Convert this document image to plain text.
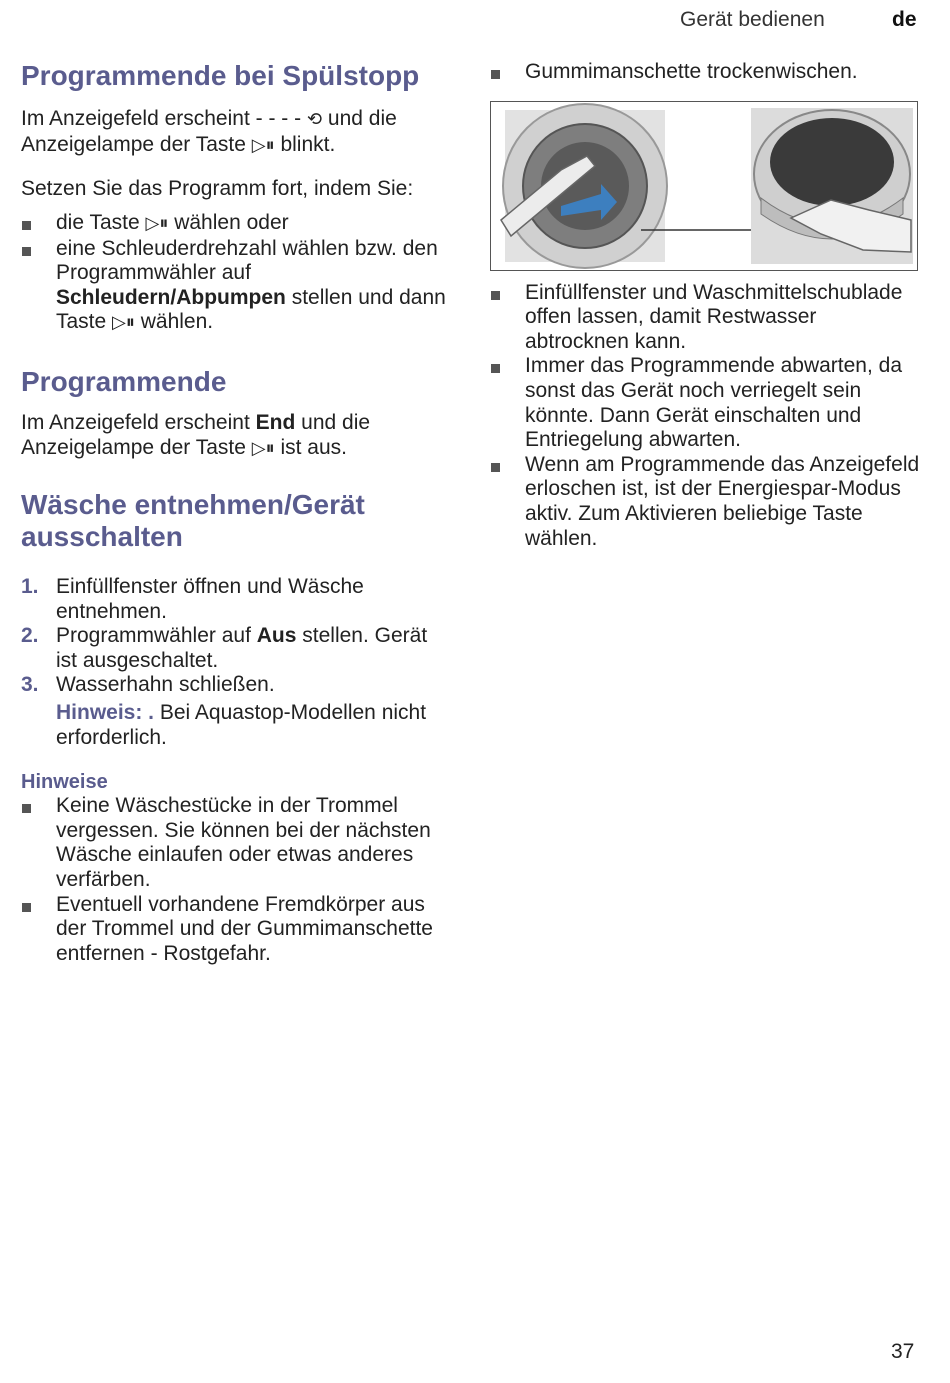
Gerät bedienen	de
Programmende bei Spülstopp

Im Anzeigefeld erscheint - - - - ⟲ und die Anzeigelampe der Taste ▷⏸ blinkt.

Setzen Sie das Programm fort, indem Sie:

die Taste ▷⏸ wählen oder
eine Schleuderdrehzahl wählen bzw. den Programmwähler auf Schleudern/Abpumpen stellen und dann Taste ▷⏸ wählen.
Programmende

Im Anzeigefeld erscheint End und die Anzeigelampe der Taste ▷⏸ ist aus.

Wäsche entnehmen/Gerät ausschalten
1. Einfüllfenster öffnen und Wäsche entnehmen.
2. Programmwähler auf Aus stellen. Gerät ist ausgeschaltet.
3. Wasserhahn schließen.
Hinweis: . Bei Aquastop-Modellen nicht erforderlich.
Hinweise
Keine Wäschestücke in der Trommel vergessen. Sie können bei der nächsten Wäsche einlaufen oder etwas anderes verfärben.
Eventuell vorhandene Fremdkörper aus der Trommel und der Gummimanschette entfernen - Rostgefahr.
Gummimanschette trockenwischen.
Einfüllfenster und Waschmittelschublade offen lassen, damit Restwasser abtrocknen kann.
Immer das Programmende abwarten, da sonst das Gerät noch verriegelt sein könnte. Dann Gerät einschalten und Entriegelung abwarten.
Wenn am Programmende das Anzeigefeld erloschen ist, ist der Energiespar-Modus aktiv. Zum Aktivieren beliebige Taste wählen.
37
